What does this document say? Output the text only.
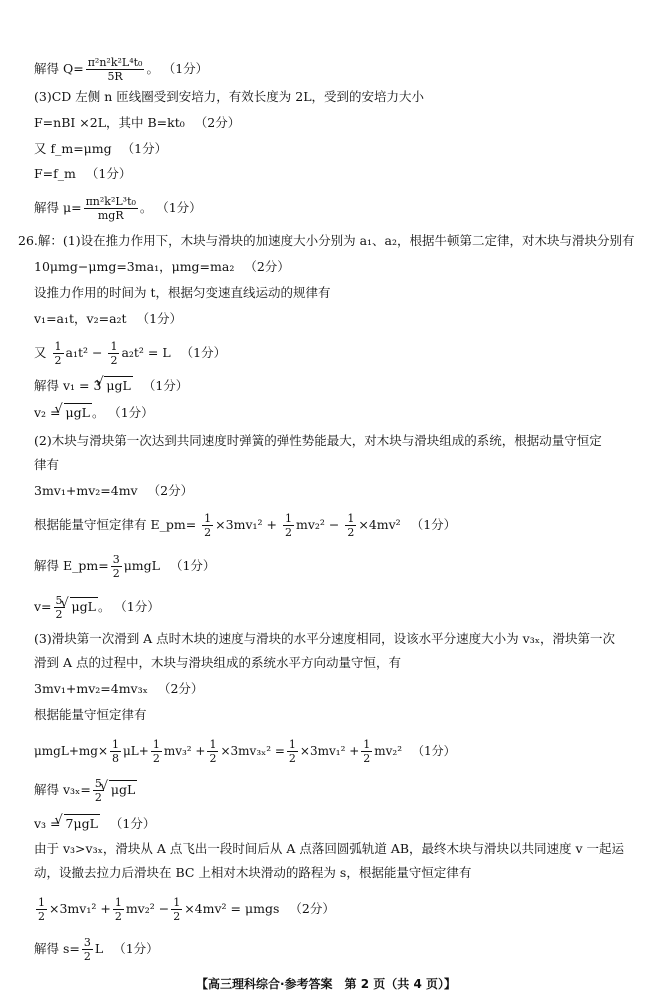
解得 $Q= \frac{\text{π²n²k²L⁴t₀}}{5R}$ 。 （1分）
(3)CD 左侧 n 匝线圈受到安培力，有效长度为 2L，受到的安培力大小
F=nBI ×2L，其中 B=kt₀ （2分）
又 f_m=μmg （1分）
F=f_m （1分）
解得 $\mu= \frac{\text{πn²k²L³t₀}}{\text{mgR}}$ 。 （1分）
26.解：(1)设在推力作用下，木块与滑块的加速度大小分别为 a₁、a₂，根据牛顿第二定律，对木块与滑块分别有
10μmg−μmg=3ma₁，μmg=ma₂ （2分）
设推力作用的时间为 t，根据匀变速直线运动的规律有
v₁=a₁t，v₂=a₂t （1分）
又 $\frac{1}{2} a_1t^2 - \frac{1}{2} a_2t^2 = L$ （1分）
解得 v₁ = 3 √ μgL （1分）
v₂ = √ μgL 。 （1分）
(2)木块与滑块第一次达到共同速度时弹簧的弹性势能最大，对木块与滑块组成的系统，根据动量守恒定
律有
3mv₁+mv₂=4mv （2分）
根据能量守恒定律有 E_pm= $\frac{1}{2} \times 3mv_1^2 + \frac{1}{2} mv_2^2 - \frac{1}{2} \times 4mv^2$ （1分）
解得 E_pm= $\frac{3}{2}$ μmgL （1分）
$v= \frac{5}{2}$ √ μgL 。 （1分）
(3)滑块第一次滑到 A 点时木块的速度与滑块的水平分速度相同，设该水平分速度大小为 v₃ₓ，滑块第一次
滑到 A 点的过程中，木块与滑块组成的系统水平方向动量守恒，有
3mv₁+mv₂=4mv₃ₓ （2分）
根据能量守恒定律有
$\mu mgL+mg\times \frac{1}{8} \mu L+ \frac{1}{2} mv_3^2 + \frac{1}{2} \times 3mv_{3x}^2 = \frac{1}{2} \times 3mv_1^2 + \frac{1}{2} mv_2^2$ （1分）
解得 $v_{3x}= \frac{5}{2}$ √ μgL
v₃ = √ 7μgL （1分）
由于 v₃>v₃ₓ，滑块从 A 点飞出一段时间后从 A 点落回圆弧轨道 AB，最终木块与滑块以共同速度 v 一起运
动，设撤去拉力后滑块在 BC 上相对木块滑动的路程为 s，根据能量守恒定律有
$\frac{1}{2} \times 3mv_1^2 + \frac{1}{2} mv_2^2 - \frac{1}{2} \times 4mv^2 = \mu mgs$ （2分）
解得 $s= \frac{3}{2}$ L （1分）
【高三理科综合·参考答案　第 2 页（共 4 页）】
